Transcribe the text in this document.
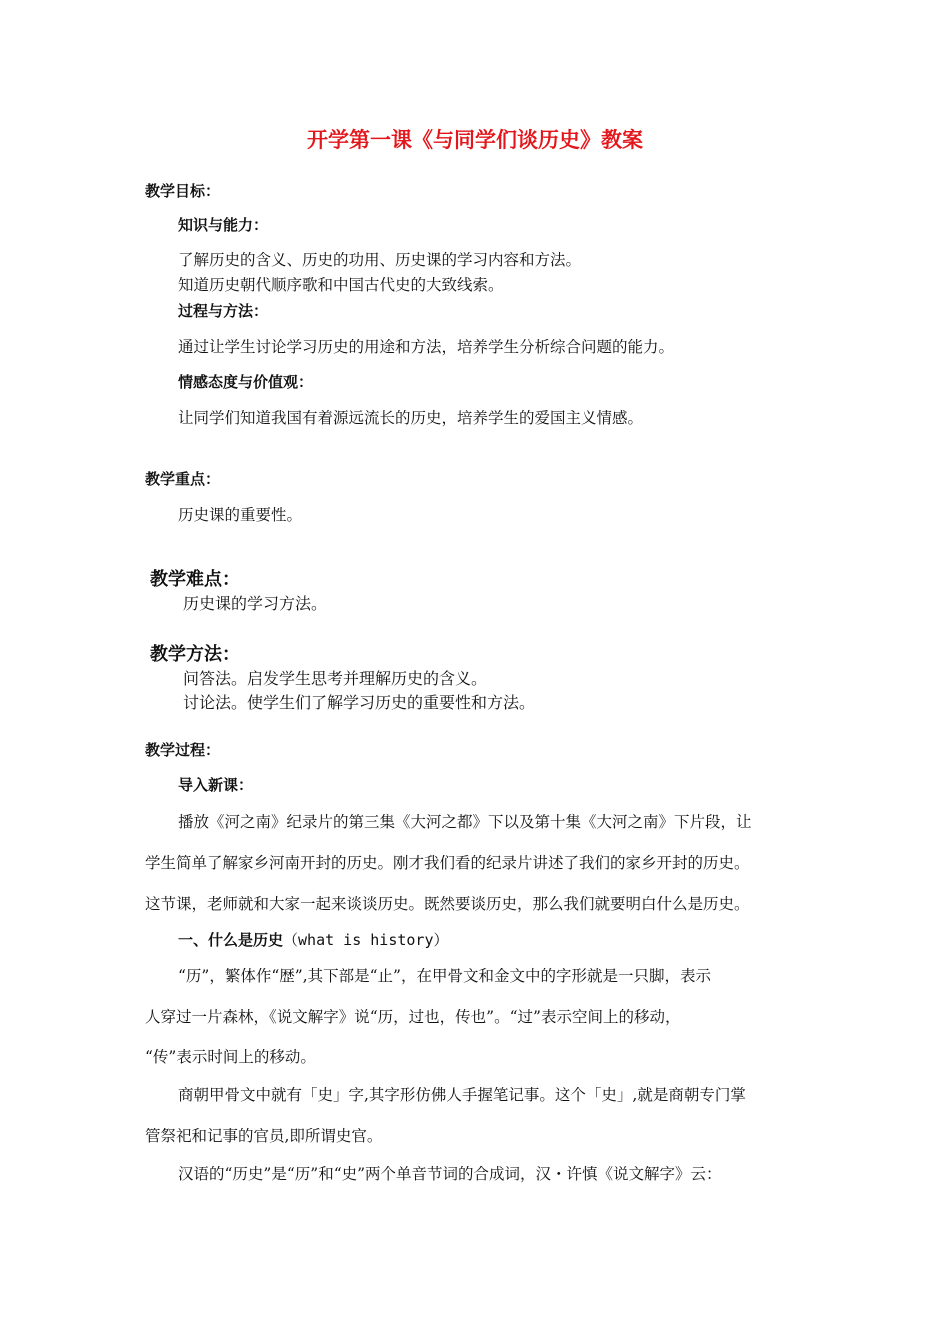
开学第一课《与同学们谈历史》教案
教学目标：
知识与能力：
了解历史的含义、历史的功用、历史课的学习内容和方法。
知道历史朝代顺序歌和中国古代史的大致线索。
过程与方法：
通过让学生讨论学习历史的用途和方法，培养学生分析综合问题的能力。
情感态度与价值观：
让同学们知道我国有着源远流长的历史，培养学生的爱国主义情感。
教学重点：
历史课的重要性。
教学难点：
历史课的学习方法。
教学方法：
问答法。启发学生思考并理解历史的含义。
讨论法。使学生们了解学习历史的重要性和方法。
教学过程：
导入新课：
播放《河之南》纪录片的第三集《大河之都》下以及第十集《大河之南》下片段，让
学生简单了解家乡河南开封的历史。刚才我们看的纪录片讲述了我们的家乡开封的历史。
这节课，老师就和大家一起来谈谈历史。既然要谈历史，那么我们就要明白什么是历史。
一、什么是历史（what is history）
“历”，繁体作“歴”,其下部是“止”，在甲骨文和金文中的字形就是一只脚，表示
人穿过一片森林，《说文解字》说“历，过也，传也”。“过”表示空间上的移动，
“传”表示时间上的移动。
商朝甲骨文中就有「史」字,其字形仿佛人手握笔记事。这个「史」,就是商朝专门掌
管祭祀和记事的官员,即所谓史官。
汉语的“历史”是“历”和“史”两个单音节词的合成词，汉・许慎《说文解字》云：
